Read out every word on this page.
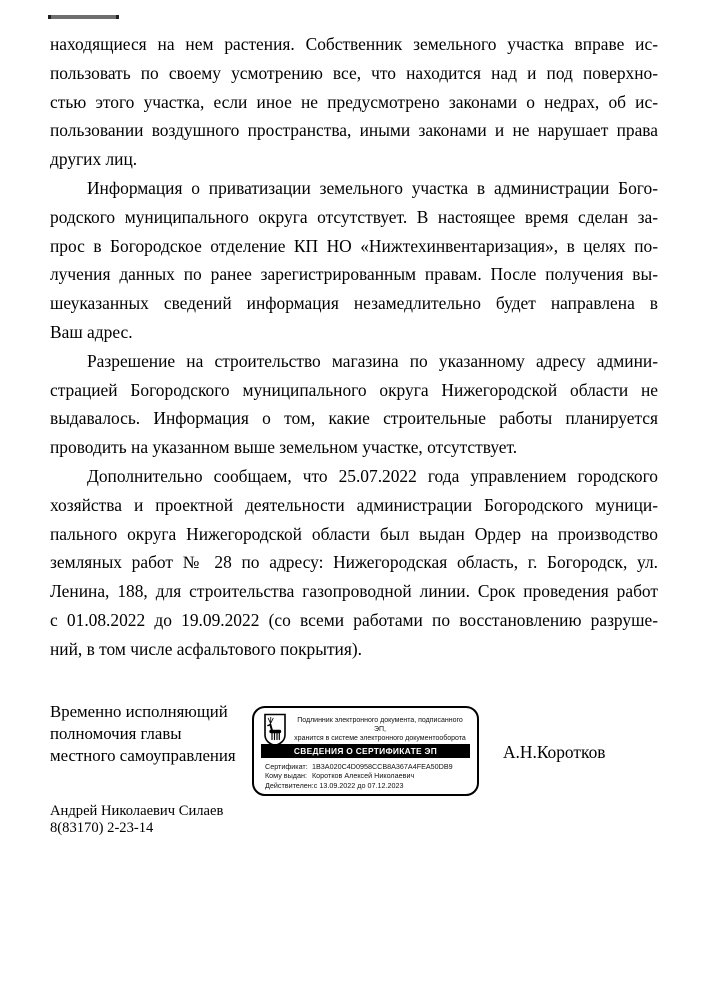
находящиеся на нем растения. Собственник земельного участка вправе ис-
пользовать по своему усмотрению все, что находится над и под поверхно-
стью этого участка, если иное не предусмотрено законами о недрах, об ис-
пользовании воздушного пространства, иными законами и не нарушает права
других лиц.
Информация о приватизации земельного участка в администрации Бого-
родского муниципального округа отсутствует. В настоящее время сделан за-
прос в Богородское отделение КП НО «Нижтехинвентаризация», в целях по-
лучения данных по ранее зарегистрированным правам. После получения вы-
шеуказанных сведений информация незамедлительно будет направлена в
Ваш адрес.
Разрешение на строительство магазина по указанному адресу админи-
страцией Богородского муниципального округа Нижегородской области не
выдавалось. Информация о том, какие строительные работы планируется
проводить на указанном выше земельном участке, отсутствует.
Дополнительно сообщаем, что 25.07.2022 года управлением городского
хозяйства и проектной деятельности администрации Богородского муници-
пального округа Нижегородской области был выдан Ордер на производство
земляных работ № 28 по адресу: Нижегородская область, г. Богородск, ул.
Ленина, 188, для строительства газопроводной линии. Срок проведения работ
с 01.08.2022 до 19.09.2022 (со всеми работами по восстановлению разруше-
ний, в том числе асфальтового покрытия).
Временно исполняющий
полномочия главы
местного самоуправления
Подлинник электронного документа, подписанного ЭП,
хранится в системе электронного документооборота
СВЕДЕНИЯ О СЕРТИФИКАТЕ ЭП
Сертификат: 1B3A020C4D0958CCB8A367A4FEA50DB9
Кому выдан: Коротков Алексей Николаевич
Действителен:с 13.09.2022 до 07.12.2023
А.Н.Коротков
Андрей Николаевич Силаев
8(83170) 2-23-14
